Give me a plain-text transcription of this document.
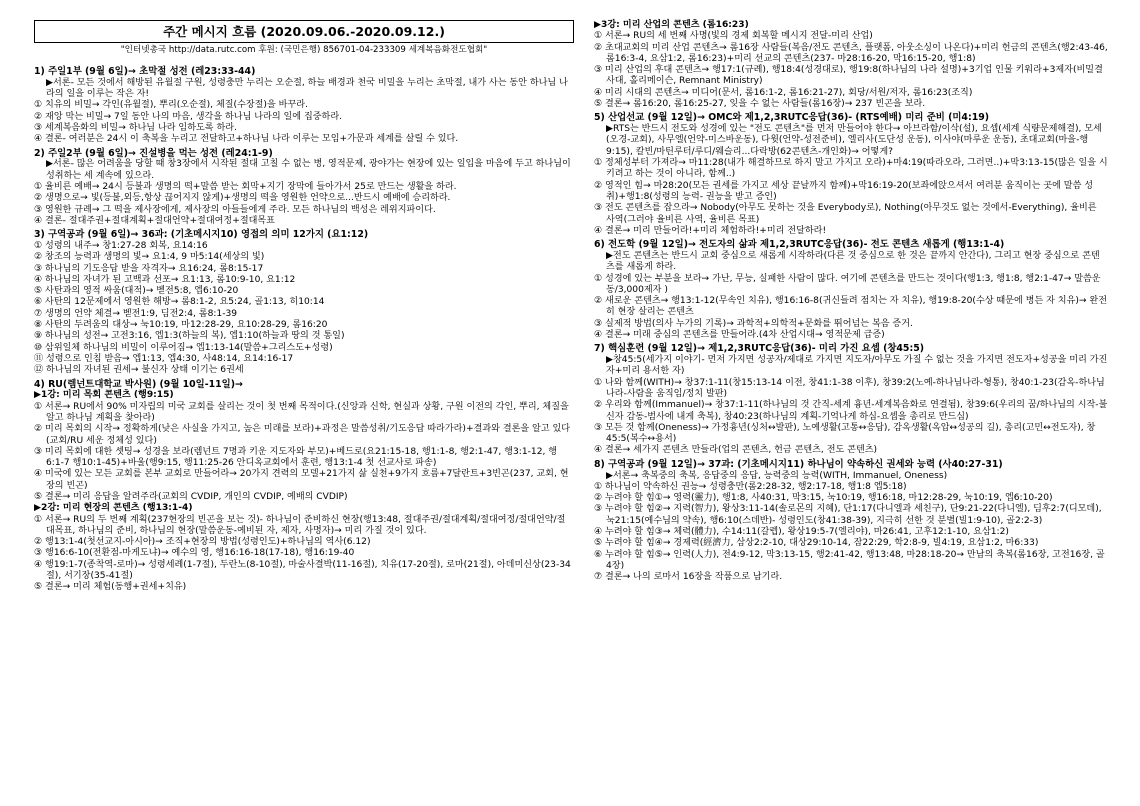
주간 메시지 흐름 (2020.09.06.-2020.09.12.)
"인터넷총국 http://data.rutc.com 후원: (국민은행) 856701-04-233309 세계복음화전도협회"
1) 주일1부 (9월 6일)→ 초막절 성전 (레23:33-44)
▶서론- 모든 것에서 해방된 유월절 구원, 성령충만 누리는 오순절, 하늘 배경과 천국 비밀을 누리는 초막절, 내가 사는 동안 하나님 나라의 일을 이루는 작은 자!
① 치유의 비밀→ 각인(유월절), 뿌리(오순절), 체질(수장절)을 바꾸라.
② 재앙 막는 비밀→ 7일 동안 나의 마음, 생각을 하나님 나라의 일에 집중하라.
③ 세계복음화의 비밀→ 하나님 나라 임하도록 하라.
④ 결론- 여러분은 24시 이 축복을 누리고 전달하고+하나님 나라 이루는 모임+가문과 세계를 살릴 수 있다.
2) 주일2부 (9월 6일)→ 진설병을 먹는 성전 (레24:1-9)
▶서론- 많은 어려움을 당할 때 창3장에서 시작된 절대 고칠 수 없는 병, 영적문제, 광야가는 현장에 있는 일입을 마음에 두고 하나님이 성취하는 세 계속에 있으라.
① 율비른 예배→ 24시 등불과 생명의 떡+말씀 받는 회막+지기 장막에 들아가서 25로 만드는 생활을 하라.
② 생명으로→ 빛(등불,외등,항상 끊어지지 않게)+생명의 떡을 영원한 언약으로...반드시 예배에 승리하라.
③ 영원한 규례→ 그 떡을 제사장에게, 제사장의 아들들에게 주라. 모든 하나님의 백성은 레위지파이다.
④ 결론- 절대주권+절대계획+절대언약+절대여정+절대목표
3) 구역공과 (9월 6일)→ 36과: (기초메시지10) 영접의 의미 12가지 (요1:12)
① 성령의 내주→ 창1:27-28 회복, 요14:16
② 창조의 능력과 생명의 빛→ 요1:4, 9 마5:14(세상의 빛)
③ 하나님의 기도응답 받을 자격자→ 요16:24, 롬8:15-17
④ 하나님의 자녀가 된 고백과 선포→ 요1:13, 롬10:9-10, 요1:12
⑤ 사탄과의 영적 싸움(대적)→ 벧전5:8, 엡6:10-20
⑥ 사탄의 12문제에서 영원한 해방→ 롬8:1-2, 요5:24, 골1:13, 히10:14
⑦ 생명의 언약 체결→ 벧전1:9, 딤전2:4, 롬8:1-39
⑧ 사탄의 두려움의 대상→ 눅10:19, 마12:28-29, 요10:28-29, 롬16:20
⑨ 하나님의 성전→ 고전3:16, 엡1:3(하늘의 복), 엡1:10(하늘과 땅의 것 통일)
⑩ 삼위일체 하나님의 비밀이 이루어짐→ 엡1:13-14(말씀+그리스도+성령)
⑪ 성령으로 인침 받음→ 엡1:13, 엡4:30, 사48:14, 요14:16-17
⑫ 하나님의 자녀된 권세→ 불신자 상태 이기는 6권세
4) RU(렘넌트대학교 박사원) (9월 10일-11일)→
▶1강: 미리 목회 콘텐츠 (행9:15)
① 서론→ RU에서 90% 미자립의 미국 교회를 살리는 것이 첫 번째 목적이다.(신앙과 신학, 현실과 상황, 구원 이전의 각인, 뿌리, 체질을 알고 하나님 계획을 찾아라)
② 미리 목회의 시작→ 정확하게(낮은 사실을 가지고, 높은 미래를 보라)+과정은 말씀성취/기도응답 따라가라)+결과와 결론을 알고 있다(교회/RU 세운 정체성 있다)
③ 미리 목회에 대한 셋팅→ 성경을 보라(렘넌트 7명과 키운 지도자와 부모)+베드로(요21:15-18, 행1:1-8, 행2:1-47, 행3:1-12, 행6:1-7 행10:1-45)+바울(행9:15, 행11:25-26 안디옥교회에서 훈련, 행13:1-4 첫 선교사로 파송)
④ 미국에 있는 모든 교회를 본부 교회로 만들어라→ 20가지 견력의 모델+21가지 삶 실천+9가지 흐름+7달란트+3빈곤(237, 교회, 현장의 빈곤)
⑤ 결론→ 미리 응답을 알려주라(교회의 CVDIP, 개인의 CVDIP, 예배의 CVDIP)
▶2강: 미리 현장의 콘텐츠 (행13:1-4)
① 서론→ RU의 두 번째 계획(237현장의 빈곤을 보는 것)- 하나님이 준비하신 현장(행13:48, 절대주권/절대계획/절대여정/절대언약/절대목표, 하나님의 준비, 하나님의 현장(말씀운동-예비된 자, 제자, 사명자)→ 미리 가질 것이 있다.
② 행13:1-4(첫선교지-아시아)→ 조직+현장의 방법(성령인도)+하나님의 역사(6.12)
③ 행16:6-10(전환점-마게도냐)→ 예수의 영, 행16:16-18(17-18), 행16:19-40
④ 행19:1-7(종착역-로마)→ 성령세례(1-7절), 두란노(8-10절), 마술사결박(11-16절), 치유(17-20절), 로마(21절), 아데미신상(23-34절), 서기장(35-41절)
⑤ 결론→ 미리 체험(동행+권세+치유)
▶3강: 미리 산업의 콘텐츠 (롬16:23)
① 서론→ RU의 세 번째 사명(빛의 경제 회복할 메시지 전달-미리 산업)
② 초대교회의 미리 산업 콘텐츠→ 롬16장 사람들(복음/전도 콘텐츠, 플랫폼, 아웃소싱이 나온다)+미리 헌금의 콘텐츠(행2:43-46, 롬16:3-4, 요삼1:2, 롬16:23)+미리 선교의 콘텐츠(237- 마28:16-20, 막16:15-20, 행1:8)
③ 미리 산업의 후대 콘텐츠→ 행17:1(규례), 행18:4(성경대로), 행19:8(하나님의 나라 설명)+3기업 인물 키워라+3제자(비밀결사대, 홀리메이슨, Remnant Ministry)
④ 미리 시대의 콘텐츠→ 미디어(문서, 롬16:1-2, 롬16:21-27), 회당/서원/저자, 롬16:23(조직)
⑤ 결론→ 롬16:20, 롬16:25-27, 잊을 수 없는 사람들(롬16장)→ 237 빈곤을 보라.
5) 산업선교 (9월 12일)→ OMC와 제1,2,3RUTC응답(36)- (RTS예배) 미리 준비 (미4:19)
▶RTS는 반드시 전도와 성경에 있는 "전도 콘텐츠"를 먼저 만들어야 한다→ 아브라함/이삭(설), 요셉(세계 식량문제해결), 모세(오경-교회), 사무엘(언약-미스바운동), 다윗(언약-성전준비), 엘리사(도단성 운동), 이사야(마루운 운동), 초대교회(마을-행9:15), 칼빈/마틴루터/루디/웨슬리...다락방(62콘텐츠-개인화)→ 어떻게?
① 정체성부터 가져라→ 마11:28(내가 해결하므로 하지 말고 가지고 오라)+마4:19(따라오라, 그러면..)+막3:13-15(많은 일을 시키려고 하는 것이 아니라, 함께..)
② 영적인 힘→ 마28:20(모든 권세를 가지고 세상 끝날까지 함께)+막16:19-20(보좌에앉으셔서 여러분 움직이는 곳에 말씀 성취)+행1:8(성령의 능력- 권능을 받고 증인)
③ 전도 콘텐츠를 잡으라→ Nobody(아무도 못하는 것을 Everybody로), Nothing(아무것도 없는 것에서-Everything), 율비른 사역(그러야 율비른 사역, 율비른 목표)
④ 결론→ 미리 만들어라!+미리 체험하라!+미리 전달하라!
6) 전도학 (9월 12일)→ 전도자의 삶과 제1,2,3RUTC응답(36)- 전도 콘텐츠 새롭게 (행13:1-4)
▶전도 콘텐츠는 반드시 교회 중심으로 새롭게 시작하라(다른 것 중심으로 한 것은 끝까지 안간다), 그리고 현장 중심으로 콘텐츠를 새롭게 하라.
① 성경에 있는 부분을 보라→ 가난, 무능, 실패한 사람이 많다. 여기에 콘텐츠를 만드는 것이다(행1:3, 행1:8, 행2:1-47→ 말씀운동/3,000제자 )
② 새로운 콘텐츠→ 행13:1-12(무속인 치유), 행16:16-8(귀신들려 점치는 자 치유), 행19:8-20(수상 때문에 병든 자 치유)→ 완전히 현장 살리는 콘텐츠
③ 실제적 방법(의사 누가의 기록)→ 과학적+의학적+문화를 뛰어넘는 복음 증거.
④ 결론→ 미래 중심의 콘텐츠를 만들어라.(4차 산업시대→ 영적문제 급증)
7) 핵심훈련 (9월 12일)→ 제1,2,3RUTC응답(36)- 미리 가진 요셉 (창45:5)
▶창45:5(세가지 이야기- 먼저 가지면 성공자/제대로 가지면 지도자/아무도 가질 수 없는 것을 가지면 전도자+성공을 미리 가진 자+미리 용서한 자)
① 나와 함께(WITH)→ 창37:1-11(창15:13-14 이전, 창41:1-38 이후), 창39:2(노예-하나님나라-형통), 창40:1-23(감옥-하나님나라-사람을 움직임/정치 발판)
② 우리와 함께(Immanuel)→ 창37:1-11(하나님의 것 간직-세계 흉년-세계복음화로 연결됨), 창39:6(우리의 꿈/하나님의 시작-불신자 감동-범사에 내게 축복), 창40:23(하나님의 계획-기억나게 하심-요셉을 총리로 만드심)
③ 모든 것 함께(Oneness)→ 가정흉년(싱처↔발판), 노예생활(고통↔응답), 감옥생활(옥압↔성공의 길), 총리(고민↔전도자), 창45:5(복수↔용서)
④ 결론→ 세가지 콘텐츠 만들라(업의 콘텐츠, 헌금 콘텐츠, 전도 콘텐츠)
8) 구역공과 (9월 12일)→ 37과: (기초메시지11) 하나님이 약속하신 권세와 능력 (사40:27-31)
▶서론→ 축복중의 축복, 응답중의 응답, 능력중의 능력(WITH, Immanuel, Oneness)
① 하나님이 약속하신 권능→ 성령충만(롬2:28-32, 행2:17-18, 행1:8 엡5:18)
② 누려야 할 힘①→ 영력(靈力), 행1:8, 사40:31, 막3:15, 눅10:19, 행16:18, 마12:28-29, 눅10:19, 엡6:10-20)
③ 누려야 할 힘②→ 지력(智力), 왕상3:11-14(솔로몬의 지혜), 단1:17(다니엘과 세친구), 단9:21-22(다니엘), 딤후2:7(디모데), 눅21:15(예수님의 약속), 행6:10(스데반)- 성령인도(창41:38-39), 지극히 선한 것 분별(빌1:9-10), 골2:2-3)
④ 누려야 할 힘③→ 체력(體力), 수14:11(갈렙), 왕상19:5-7(엘리야), 마26:41, 고후12:1-10, 요삼1:2)
⑤ 누려야 할 힘④→ 경제력(經濟力, 삼상2:2-10, 대상29:10-14, 잠22:29, 학2:8-9, 빌4:19, 요삼1:2, 마6:33)
⑥ 누려야 할 힘⑤→ 인력(人力), 전4:9-12, 막3:13-15, 행2:41-42, 행13:48, 마28:18-20→ 만남의 축복(롬16장, 고전16장, 골4장)
⑦ 결론→ 나의 로마서 16장을 작품으로 남기라.
